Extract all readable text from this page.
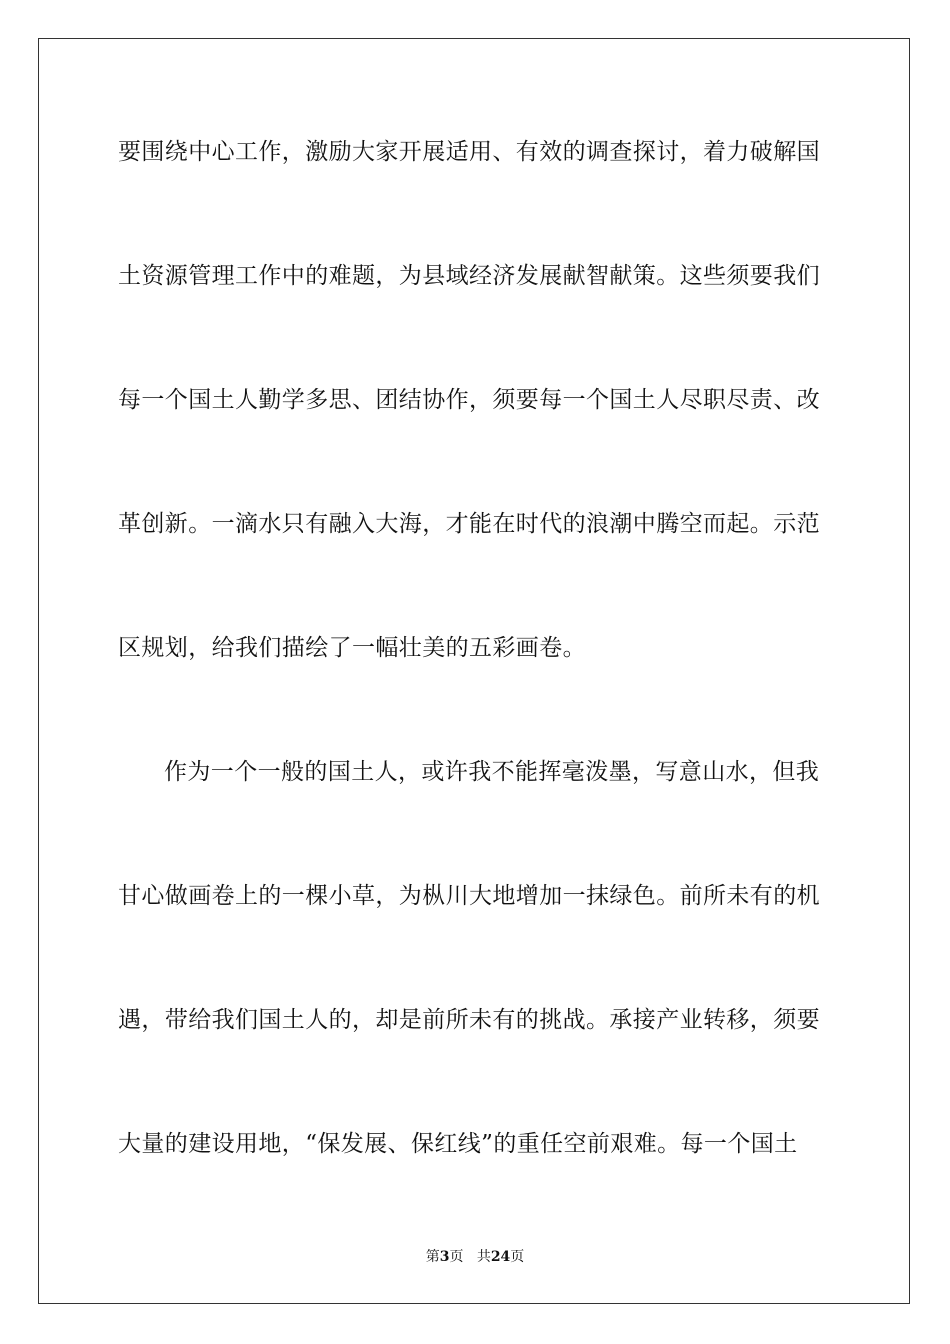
要围绕中心工作，激励大家开展适用、有效的调查探讨，着力破解国
土资源管理工作中的难题，为县域经济发展献智献策。这些须要我们
每一个国土人勤学多思、团结协作，须要每一个国土人尽职尽责、改
革创新。一滴水只有融入大海，才能在时代的浪潮中腾空而起。示范
区规划，给我们描绘了一幅壮美的五彩画卷。
作为一个一般的国土人，或许我不能挥毫泼墨，写意山水，但我
甘心做画卷上的一棵小草，为枞川大地增加一抹绿色。前所未有的机
遇，带给我们国土人的，却是前所未有的挑战。承接产业转移，须要
大量的建设用地，“保发展、保红线”的重任空前艰难。每一个国土
第3页 共24页
